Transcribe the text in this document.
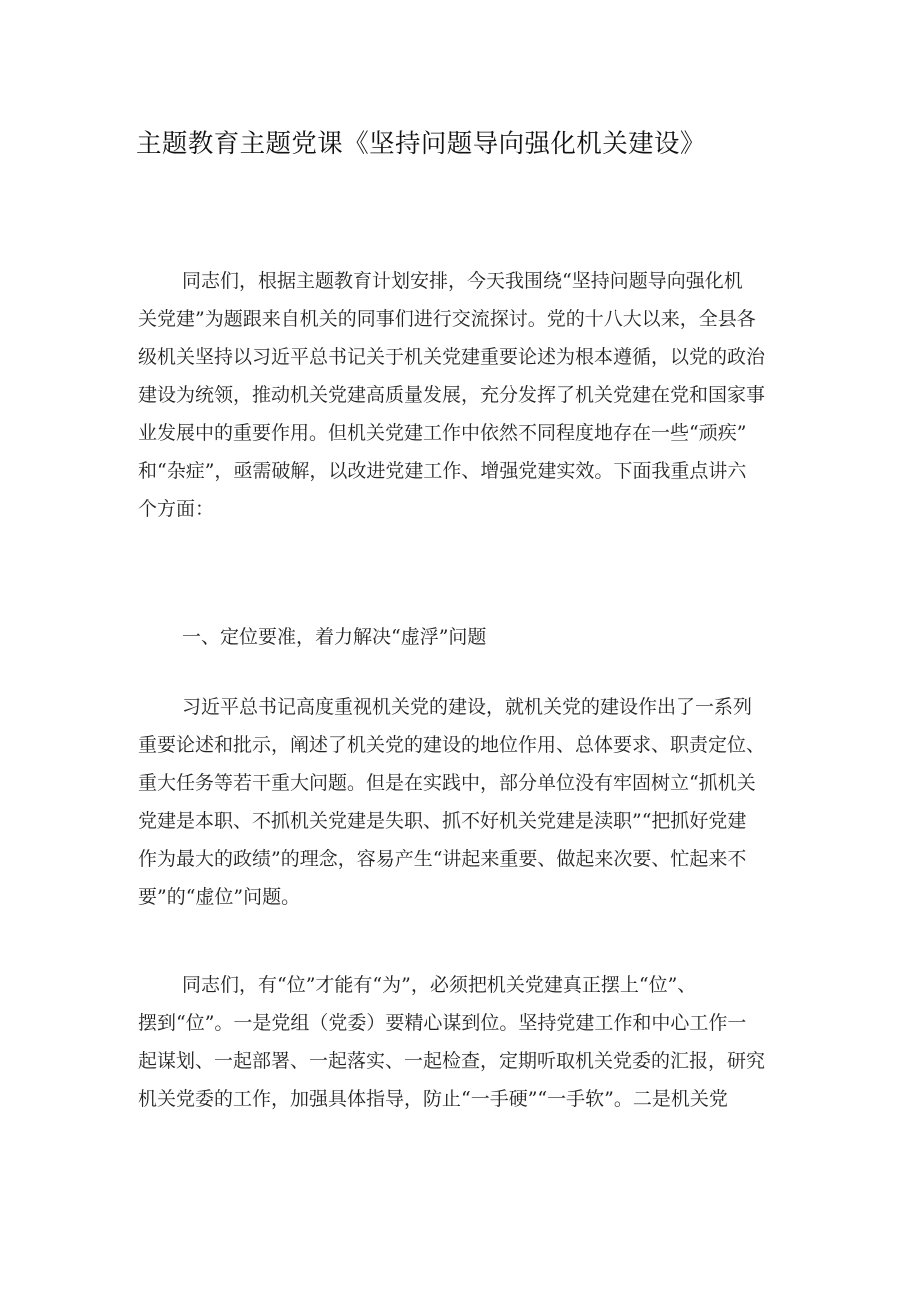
主题教育主题党课《坚持问题导向强化机关建设》
同志们，根据主题教育计划安排，今天我围绕“坚持问题导向强化机
关党建”为题跟来自机关的同事们进行交流探讨。党的十八大以来，全县各
级机关坚持以习近平总书记关于机关党建重要论述为根本遵循，以党的政治
建设为统领，推动机关党建高质量发展，充分发挥了机关党建在党和国家事
业发展中的重要作用。但机关党建工作中依然不同程度地存在一些“顽疾”
和“杂症”，亟需破解，以改进党建工作、增强党建实效。下面我重点讲六
个方面：
一、定位要准，着力解决“虚浮”问题
习近平总书记高度重视机关党的建设，就机关党的建设作出了一系列
重要论述和批示，阐述了机关党的建设的地位作用、总体要求、职责定位、
重大任务等若干重大问题。但是在实践中，部分单位没有牢固树立“抓机关
党建是本职、不抓机关党建是失职、抓不好机关党建是渎职”“把抓好党建
作为最大的政绩”的理念，容易产生“讲起来重要、做起来次要、忙起来不
要”的“虚位”问题。
同志们，有“位”才能有“为”，必须把机关党建真正摆上“位”、
摆到“位”。一是党组（党委）要精心谋到位。坚持党建工作和中心工作一
起谋划、一起部署、一起落实、一起检查，定期听取机关党委的汇报，研究
机关党委的工作，加强具体指导，防止“一手硬”“一手软”。二是机关党
